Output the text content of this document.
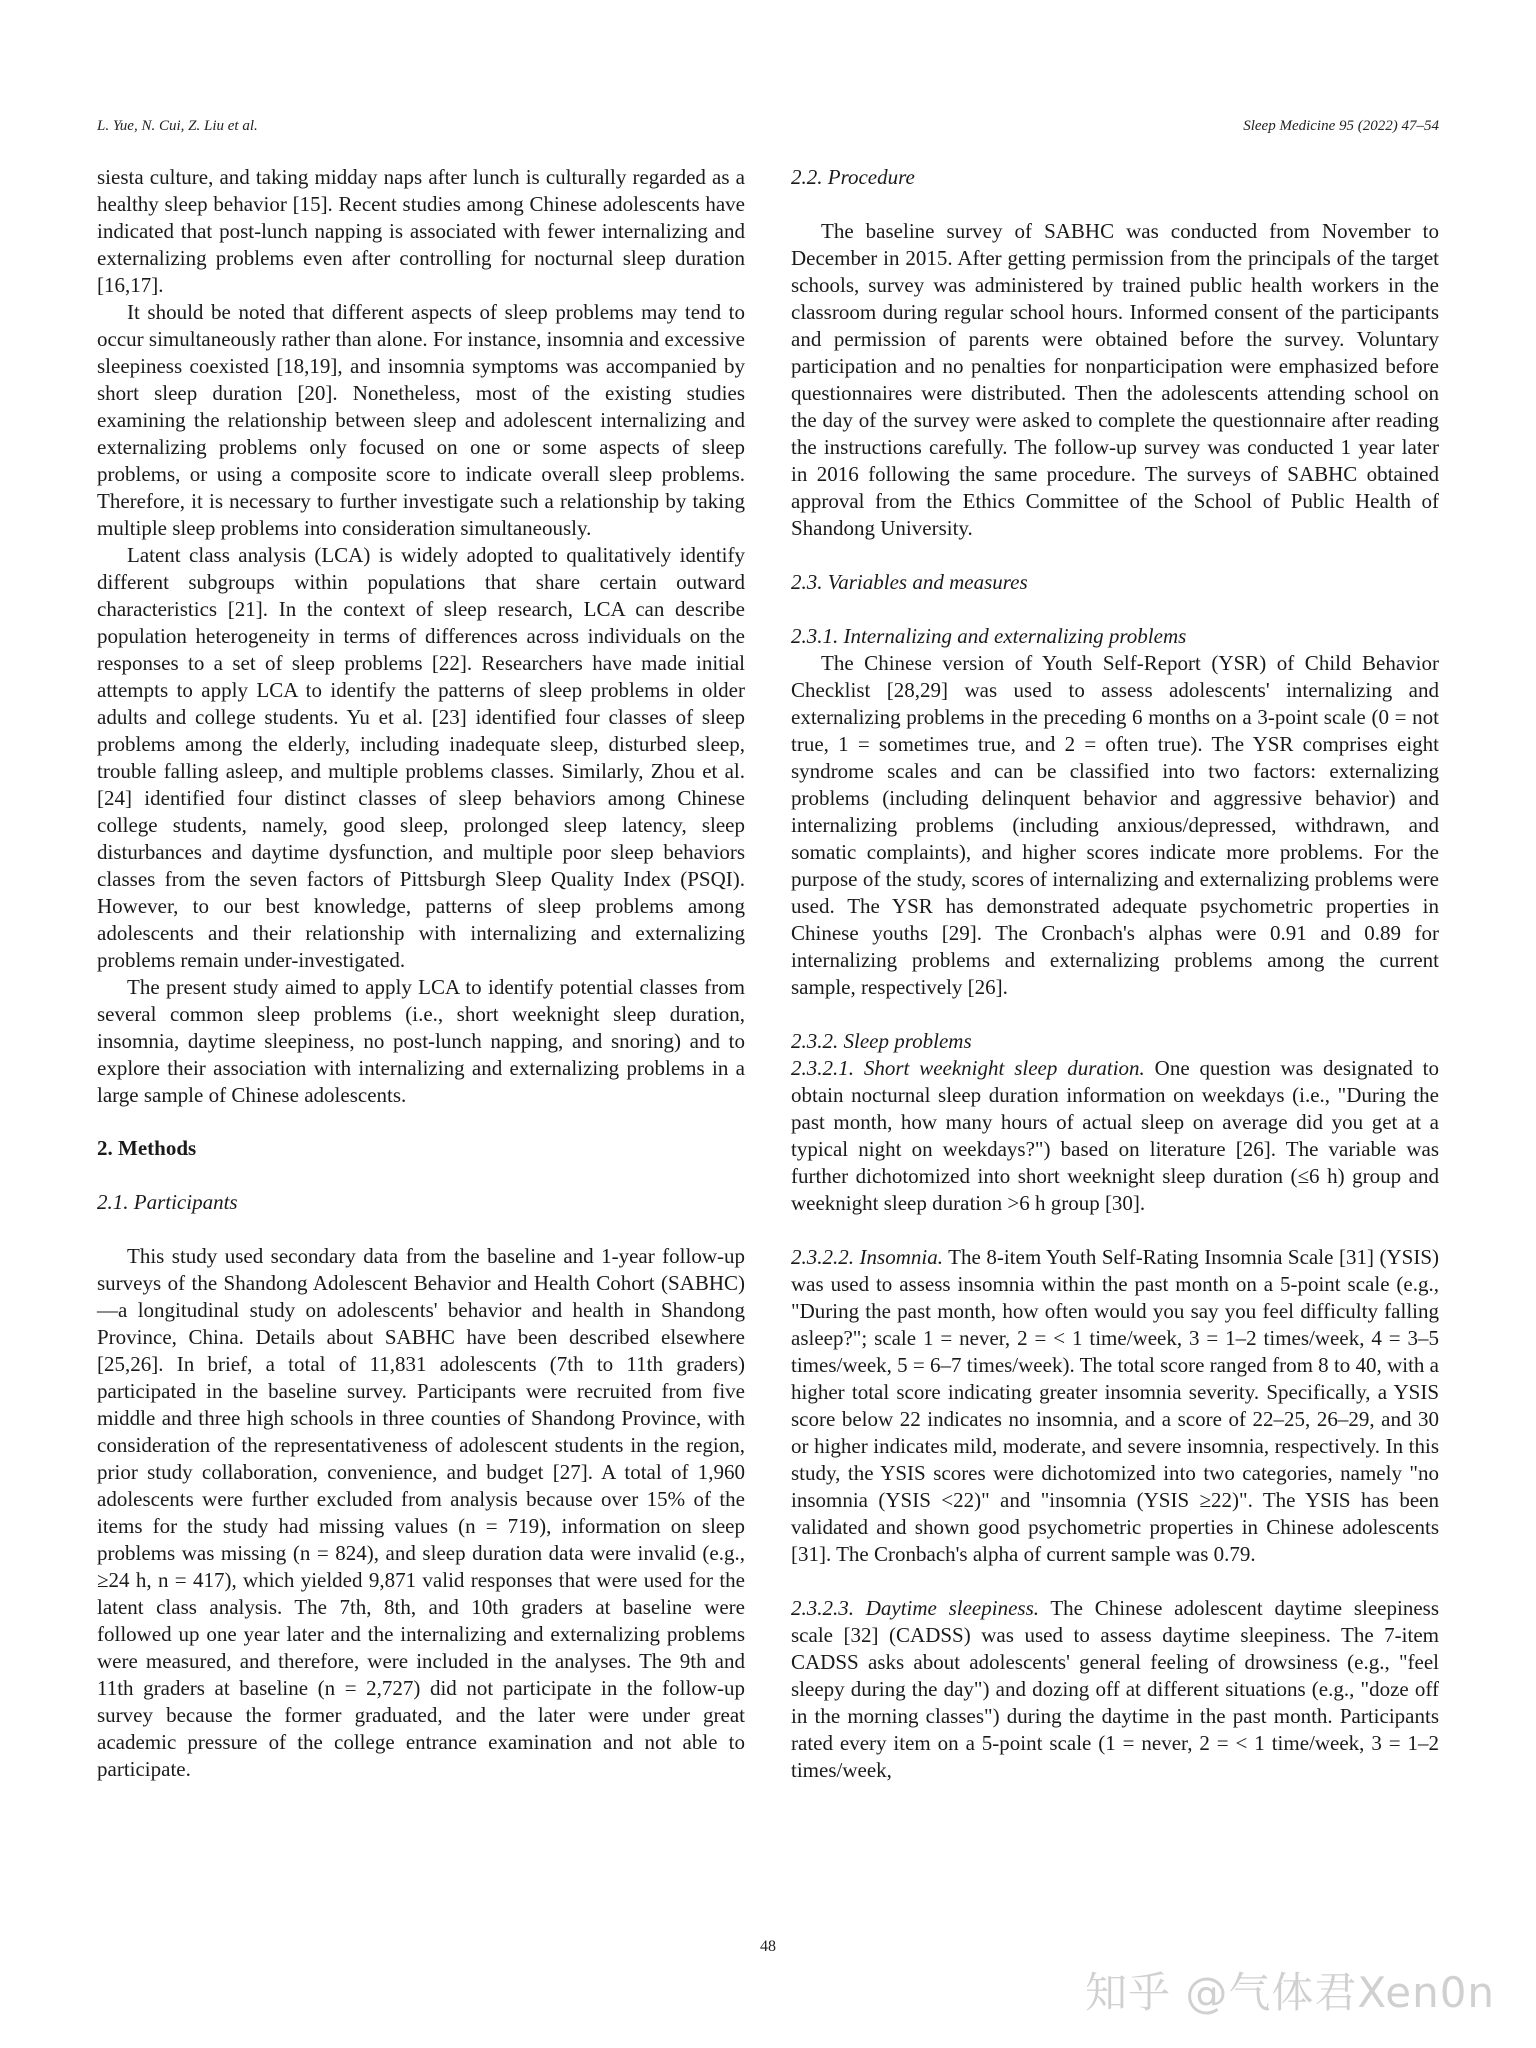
L. Yue, N. Cui, Z. Liu et al.	Sleep Medicine 95 (2022) 47–54

siesta culture, and taking midday naps after lunch is culturally regarded as a healthy sleep behavior [15]. Recent studies among Chinese adolescents have indicated that post-lunch napping is associated with fewer internalizing and externalizing problems even after controlling for nocturnal sleep duration [16,17].

It should be noted that different aspects of sleep problems may tend to occur simultaneously rather than alone. For instance, insomnia and excessive sleepiness coexisted [18,19], and insomnia symptoms was accompanied by short sleep duration [20]. Nonetheless, most of the existing studies examining the relationship between sleep and adolescent internalizing and externalizing problems only focused on one or some aspects of sleep problems, or using a composite score to indicate overall sleep problems. Therefore, it is necessary to further investigate such a relationship by taking multiple sleep problems into consideration simultaneously.

Latent class analysis (LCA) is widely adopted to qualitatively identify different subgroups within populations that share certain outward characteristics [21]. In the context of sleep research, LCA can describe population heterogeneity in terms of differences across individuals on the responses to a set of sleep problems [22]. Researchers have made initial attempts to apply LCA to identify the patterns of sleep problems in older adults and college students. Yu et al. [23] identified four classes of sleep problems among the elderly, including inadequate sleep, disturbed sleep, trouble falling asleep, and multiple problems classes. Similarly, Zhou et al. [24] identified four distinct classes of sleep behaviors among Chinese college students, namely, good sleep, prolonged sleep latency, sleep disturbances and daytime dysfunction, and multiple poor sleep behaviors classes from the seven factors of Pittsburgh Sleep Quality Index (PSQI). However, to our best knowledge, patterns of sleep problems among adolescents and their relationship with internalizing and externalizing problems remain under-investigated.

The present study aimed to apply LCA to identify potential classes from several common sleep problems (i.e., short weeknight sleep duration, insomnia, daytime sleepiness, no post-lunch napping, and snoring) and to explore their association with internalizing and externalizing problems in a large sample of Chinese adolescents.

2. Methods
2.1. Participants

This study used secondary data from the baseline and 1-year follow-up surveys of the Shandong Adolescent Behavior and Health Cohort (SABHC)—a longitudinal study on adolescents' behavior and health in Shandong Province, China. Details about SABHC have been described elsewhere [25,26]. In brief, a total of 11,831 adolescents (7th to 11th graders) participated in the baseline survey. Participants were recruited from five middle and three high schools in three counties of Shandong Province, with consideration of the representativeness of adolescent students in the region, prior study collaboration, convenience, and budget [27]. A total of 1,960 adolescents were further excluded from analysis because over 15% of the items for the study had missing values (n = 719), information on sleep problems was missing (n = 824), and sleep duration data were invalid (e.g., ≥24 h, n = 417), which yielded 9,871 valid responses that were used for the latent class analysis. The 7th, 8th, and 10th graders at baseline were followed up one year later and the internalizing and externalizing problems were measured, and therefore, were included in the analyses. The 9th and 11th graders at baseline (n = 2,727) did not participate in the follow-up survey because the former graduated, and the later were under great academic pressure of the college entrance examination and not able to participate.

2.2. Procedure

The baseline survey of SABHC was conducted from November to December in 2015. After getting permission from the principals of the target schools, survey was administered by trained public health workers in the classroom during regular school hours. Informed consent of the participants and permission of parents were obtained before the survey. Voluntary participation and no penalties for nonparticipation were emphasized before questionnaires were distributed. Then the adolescents attending school on the day of the survey were asked to complete the questionnaire after reading the instructions carefully. The follow-up survey was conducted 1 year later in 2016 following the same procedure. The surveys of SABHC obtained approval from the Ethics Committee of the School of Public Health of Shandong University.

2.3. Variables and measures
2.3.1. Internalizing and externalizing problems

The Chinese version of Youth Self-Report (YSR) of Child Behavior Checklist [28,29] was used to assess adolescents' internalizing and externalizing problems in the preceding 6 months on a 3-point scale (0 = not true, 1 = sometimes true, and 2 = often true). The YSR comprises eight syndrome scales and can be classified into two factors: externalizing problems (including delinquent behavior and aggressive behavior) and internalizing problems (including anxious/depressed, withdrawn, and somatic complaints), and higher scores indicate more problems. For the purpose of the study, scores of internalizing and externalizing problems were used. The YSR has demonstrated adequate psychometric properties in Chinese youths [29]. The Cronbach's alphas were 0.91 and 0.89 for internalizing problems and externalizing problems among the current sample, respectively [26].

2.3.2. Sleep problems

2.3.2.1. Short weeknight sleep duration. One question was designated to obtain nocturnal sleep duration information on weekdays (i.e., "During the past month, how many hours of actual sleep on average did you get at a typical night on weekdays?") based on literature [26]. The variable was further dichotomized into short weeknight sleep duration (≤6 h) group and weeknight sleep duration >6 h group [30].

2.3.2.2. Insomnia. The 8-item Youth Self-Rating Insomnia Scale [31] (YSIS) was used to assess insomnia within the past month on a 5-point scale (e.g., "During the past month, how often would you say you feel difficulty falling asleep?"; scale 1 = never, 2 = < 1 time/week, 3 = 1–2 times/week, 4 = 3–5 times/week, 5 = 6–7 times/week). The total score ranged from 8 to 40, with a higher total score indicating greater insomnia severity. Specifically, a YSIS score below 22 indicates no insomnia, and a score of 22–25, 26–29, and 30 or higher indicates mild, moderate, and severe insomnia, respectively. In this study, the YSIS scores were dichotomized into two categories, namely "no insomnia (YSIS <22)" and "insomnia (YSIS ≥22)". The YSIS has been validated and shown good psychometric properties in Chinese adolescents [31]. The Cronbach's alpha of current sample was 0.79.

2.3.2.3. Daytime sleepiness. The Chinese adolescent daytime sleepiness scale [32] (CADSS) was used to assess daytime sleepiness. The 7-item CADSS asks about adolescents' general feeling of drowsiness (e.g., "feel sleepy during the day") and dozing off at different situations (e.g., "doze off in the morning classes") during the daytime in the past month. Participants rated every item on a 5-point scale (1 = never, 2 = < 1 time/week, 3 = 1–2 times/week,

48
知乎 @气体君Xen0n
